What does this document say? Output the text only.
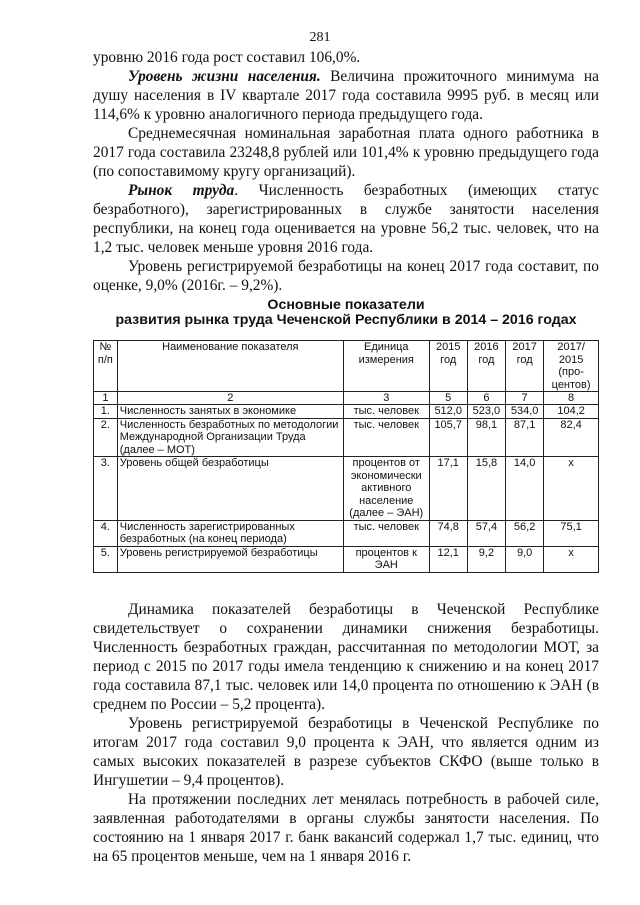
281

уровню 2016 года рост составил 106,0%.

Уровень жизни населения. Величина прожиточного минимума на душу населения в IV квартале 2017 года составила 9995 руб. в месяц или 114,6% к уровню аналогичного периода предыдущего года.

Среднемесячная номинальная заработная плата одного работника в 2017 года составила 23248,8 рублей или 101,4% к уровню предыдущего года (по сопоставимому кругу организаций).

Рынок труда. Численность безработных (имеющих статус безработного), зарегистрированных в службе занятости населения республики, на конец года оценивается на уровне 56,2 тыс. человек, что на 1,2 тыс. человек меньше уровня 2016 года.

Уровень регистрируемой безработицы на конец 2017 года составит, по оценке, 9,0% (2016г. – 9,2%).

Основные показатели
развития рынка труда Чеченской Республики в 2014 – 2016 годах
№ п/п	Наименование показателя	Единица измерения	2015 год	2016 год	2017 год	2017/ 2015 (про- центов)
1	2	3	5	6	7	8
1.	Численность занятых в экономике	тыс. человек	512,0	523,0	534,0	104,2
2.	Численность безработных по методологии Международной Организации Труда (далее – МОТ)	тыс. человек	105,7	98,1	87,1	82,4
3.	Уровень общей безработицы	процентов от экономически активного население (далее – ЭАН)	17,1	15,8	14,0	х
4.	Численность зарегистрированных безработных (на конец периода)	тыс. человек	74,8	57,4	56,2	75,1
5.	Уровень регистрируемой безработицы	процентов к ЭАН	12,1	9,2	9,0	х

Динамика показателей безработицы в Чеченской Республике свидетельствует о сохранении динамики снижения безработицы. Численность безработных граждан, рассчитанная по методологии МОТ, за период с 2015 по 2017 годы имела тенденцию к снижению и на конец 2017 года составила 87,1 тыс. человек или 14,0 процента по отношению к ЭАН (в среднем по России – 5,2 процента).

Уровень регистрируемой безработицы в Чеченской Республике по итогам 2017 года составил 9,0 процента к ЭАН, что является одним из самых высоких показателей в разрезе субъектов СКФО (выше только в Ингушетии – 9,4 процентов).

На протяжении последних лет менялась потребность в рабочей силе, заявленная работодателями в органы службы занятости населения. По состоянию на 1 января 2017 г. банк вакансий содержал 1,7 тыс. единиц, что на 65 процентов меньше, чем на 1 января 2016 г.
